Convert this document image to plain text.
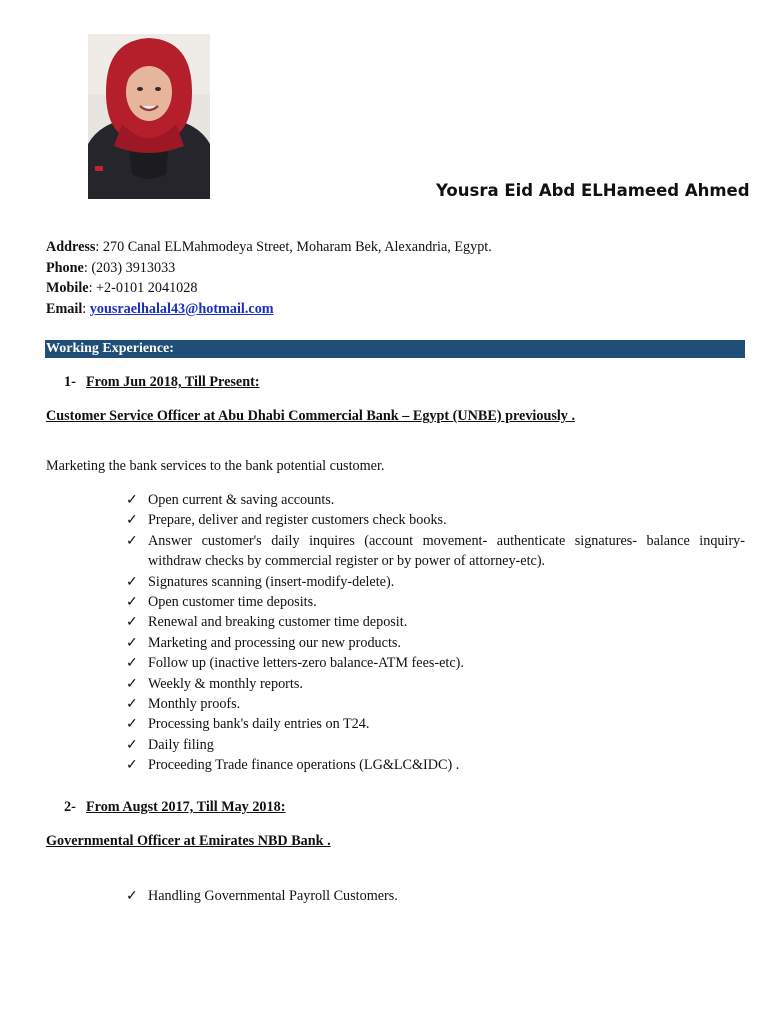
Yousra Eid Abd ELHameed Ahmed
Address: 270 Canal ELMahmodeya Street, Moharam Bek, Alexandria, Egypt.
Phone: (203) 3913033
Mobile: +2-0101 2041028
Email: yousraelhalal43@hotmail.com
Working Experience:
1- From Jun 2018, Till Present:
Customer Service Officer at Abu Dhabi Commercial Bank – Egypt (UNBE) previously .
Marketing the bank services to the bank potential customer.
✓ Open current & saving accounts.
✓ Prepare, deliver and register customers check books.
✓ Answer customer's daily inquires (account movement- authenticate signatures- balance inquiry- withdraw checks by commercial register or by power of attorney-etc).
✓ Signatures scanning (insert-modify-delete).
✓ Open customer time deposits.
✓ Renewal and breaking customer time deposit.
✓ Marketing and processing our new products.
✓ Follow up (inactive letters-zero balance-ATM fees-etc).
✓ Weekly & monthly reports.
✓ Monthly proofs.
✓ Processing bank's daily entries on T24.
✓ Daily filing
✓ Proceeding Trade finance operations (LG&LC&IDC) .
2- From Augst 2017, Till May 2018:
Governmental Officer at Emirates NBD Bank .
✓ Handling Governmental Payroll Customers.
